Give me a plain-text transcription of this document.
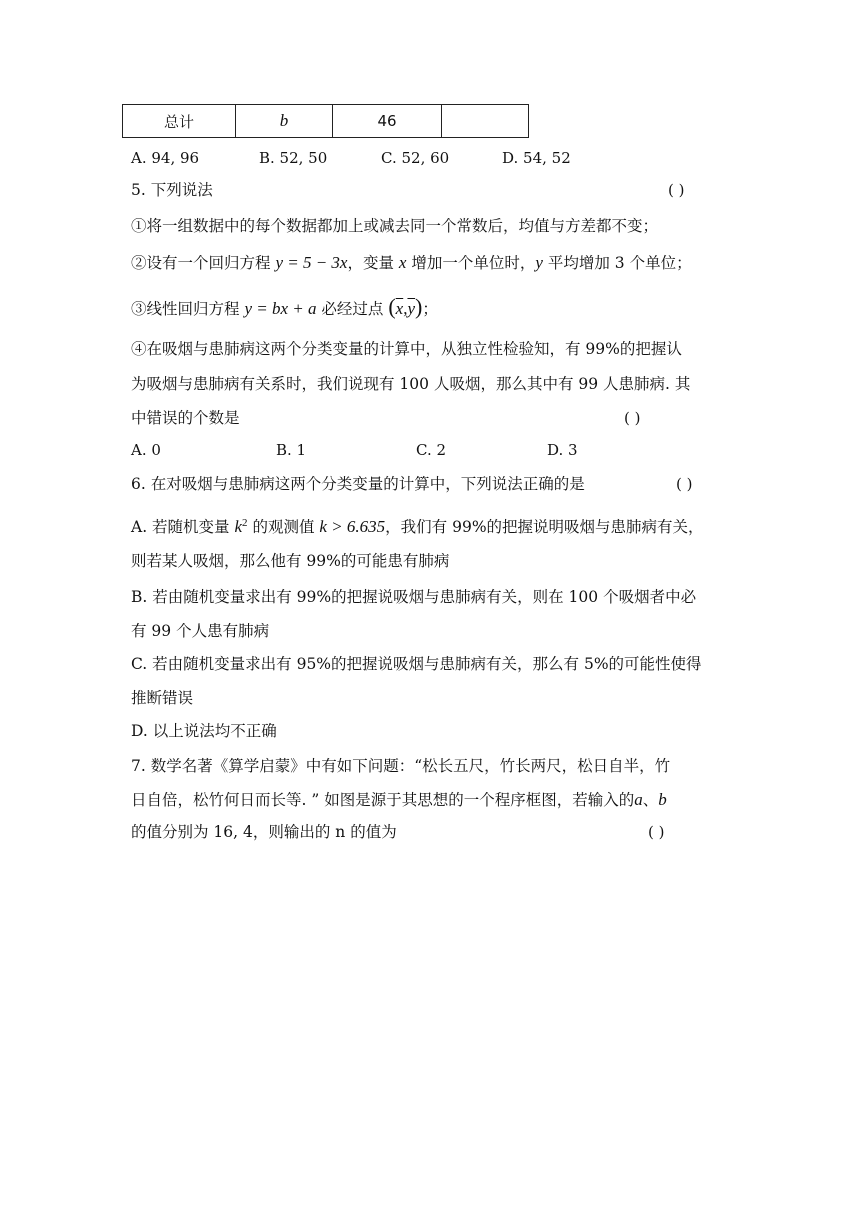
总计	b	46	
A. 94, 96	B. 52, 50	C. 52, 60	D. 54, 52
5. 下列说法	( )
①将一组数据中的每个数据都加上或减去同一个常数后，均值与方差都不变；
②设有一个回归方程 y = 5 − 3x，变量 x 增加一个单位时，y 平均增加 3 个单位；
③线性回归方程 y = bx + a 必经过点 $(\overline{x},\overline{y})$；
④在吸烟与患肺病这两个分类变量的计算中，从独立性检验知，有 99%的把握认
为吸烟与患肺病有关系时，我们说现有 100 人吸烟，那么其中有 99 人患肺病. 其
中错误的个数是	( )
A. 0	B. 1	C. 2	D. 3
6. 在对吸烟与患肺病这两个分类变量的计算中，下列说法正确的是	( )
A. 若随机变量 $k^2$ 的观测值 k > 6.635，我们有 99%的把握说明吸烟与患肺病有关，
则若某人吸烟，那么他有 99%的可能患有肺病
B. 若由随机变量求出有 99%的把握说吸烟与患肺病有关，则在 100 个吸烟者中必
有 99 个人患有肺病
C. 若由随机变量求出有 95%的把握说吸烟与患肺病有关，那么有 5%的可能性使得
推断错误
D. 以上说法均不正确
7. 数学名著《算学启蒙》中有如下问题：“松长五尺，竹长两尺，松日自半，竹
日自倍，松竹何日而长等. ” 如图是源于其思想的一个程序框图，若输入的a、b
的值分别为 16, 4，则输出的 n 的值为	( )
